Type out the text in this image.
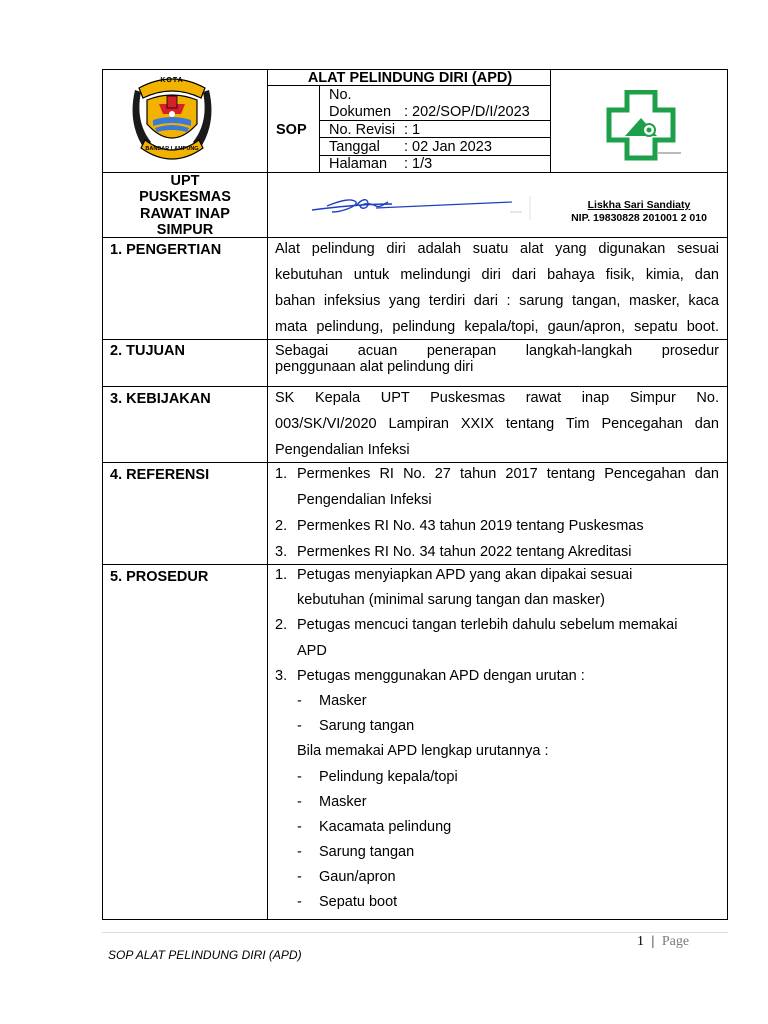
KOTA
BANDAR LAMPUNG
ALAT PELINDUNG DIRI (APD)
SOP
No.
Dokumen : 202/SOP/D/I/2023
No. Revisi : 1
Tanggal : 02 Jan 2023
Halaman : 1/3
UPT
PUSKESMAS
RAWAT INAP
SIMPUR
Liskha Sari Sandiaty
NIP. 19830828 201001 2 010
1. PENGERTIAN	Alat pelindung diri adalah suatu alat yang digunakan sesuai
kebutuhan untuk melindungi diri dari bahaya fisik, kimia, dan
bahan infeksius yang terdiri dari : sarung tangan, masker, kaca
mata pelindung, pelindung kepala/topi, gaun/apron, sepatu boot.
2. TUJUAN	Sebagai acuan penerapan langkah-langkah prosedur
penggunaan alat pelindung diri
3. KEBIJAKAN	SK Kepala UPT Puskesmas rawat inap Simpur No.
003/SK/VI/2020 Lampiran XXIX tentang Tim Pencegahan dan
Pengendalian Infeksi
4. REFERENSI	1. Permenkes RI No. 27 tahun 2017 tentang Pencegahan dan
Pengendalian Infeksi
2. Permenkes RI No. 43 tahun 2019 tentang Puskesmas
3. Permenkes RI No. 34 tahun 2022 tentang Akreditasi
5. PROSEDUR	1. Petugas menyiapkan APD yang akan dipakai sesuai
kebutuhan (minimal sarung tangan dan masker)
2. Petugas mencuci tangan terlebih dahulu sebelum memakai
APD
3. Petugas menggunakan APD dengan urutan :
- Masker
- Sarung tangan
Bila memakai APD lengkap urutannya :
- Pelindung kepala/topi
- Masker
- Kacamata pelindung
- Sarung tangan
- Gaun/apron
- Sepatu boot
1 | Page
SOP ALAT PELINDUNG DIRI (APD)
